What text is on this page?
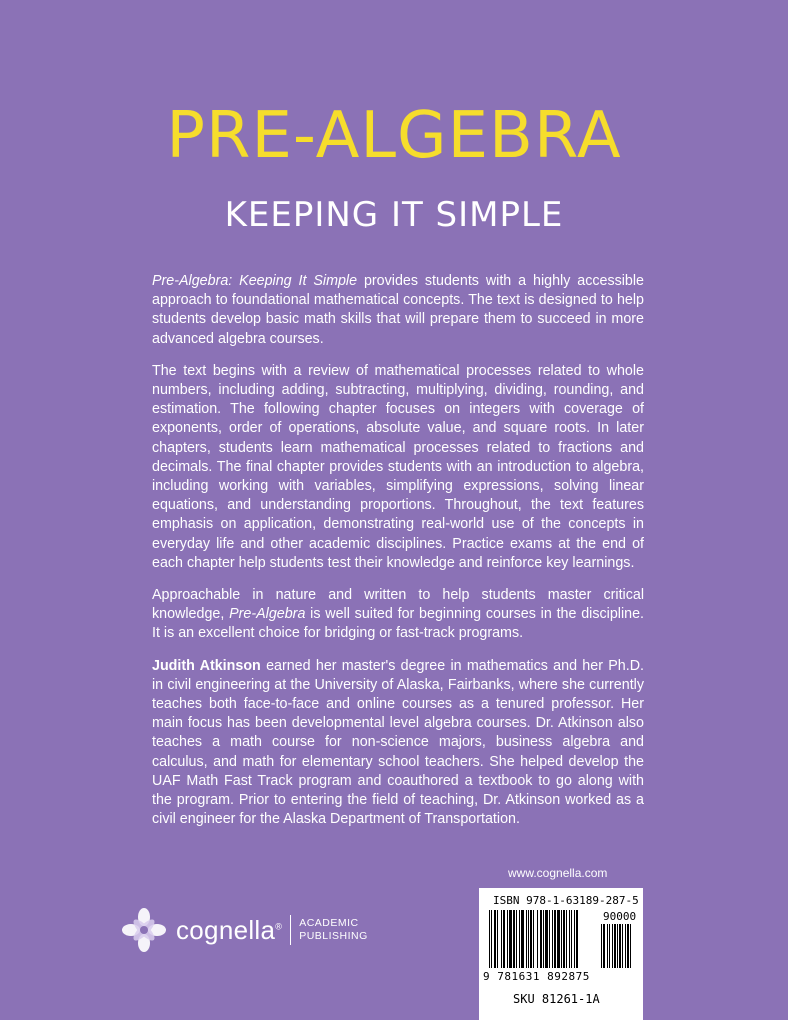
PRE-ALGEBRA
KEEPING IT SIMPLE

Pre-Algebra: Keeping It Simple provides students with a highly accessible approach to foundational mathematical concepts. The text is designed to help students develop basic math skills that will prepare them to succeed in more advanced algebra courses.

The text begins with a review of mathematical processes related to whole numbers, including adding, subtracting, multiplying, dividing, rounding, and estimation. The following chapter focuses on integers with coverage of exponents, order of operations, absolute value, and square roots. In later chapters, students learn mathematical processes related to fractions and decimals. The final chapter provides students with an introduction to algebra, including working with variables, simplifying expressions, solving linear equations, and understanding proportions. Throughout, the text features emphasis on application, demonstrating real-world use of the concepts in everyday life and other academic disciplines. Practice exams at the end of each chapter help students test their knowledge and reinforce key learnings.

Approachable in nature and written to help students master critical knowledge, Pre-Algebra is well suited for beginning courses in the discipline. It is an excellent choice for bridging or fast-track programs.

Judith Atkinson earned her master's degree in mathematics and her Ph.D. in civil engineering at the University of Alaska, Fairbanks, where she currently teaches both face-to-face and online courses as a tenured professor. Her main focus has been developmental level algebra courses. Dr. Atkinson also teaches a math course for non-science majors, business algebra and calculus, and math for elementary school teachers. She helped develop the UAF Math Fast Track program and coauthored a textbook to go along with the program. Prior to entering the field of teaching, Dr. Atkinson worked as a civil engineer for the Alaska Department of Transportation.

www.cognella.com
cognella® ACADEMIC
PUBLISHING
ISBN 978-1-63189-287-5
90000
9 781631 892875
SKU 81261-1A
